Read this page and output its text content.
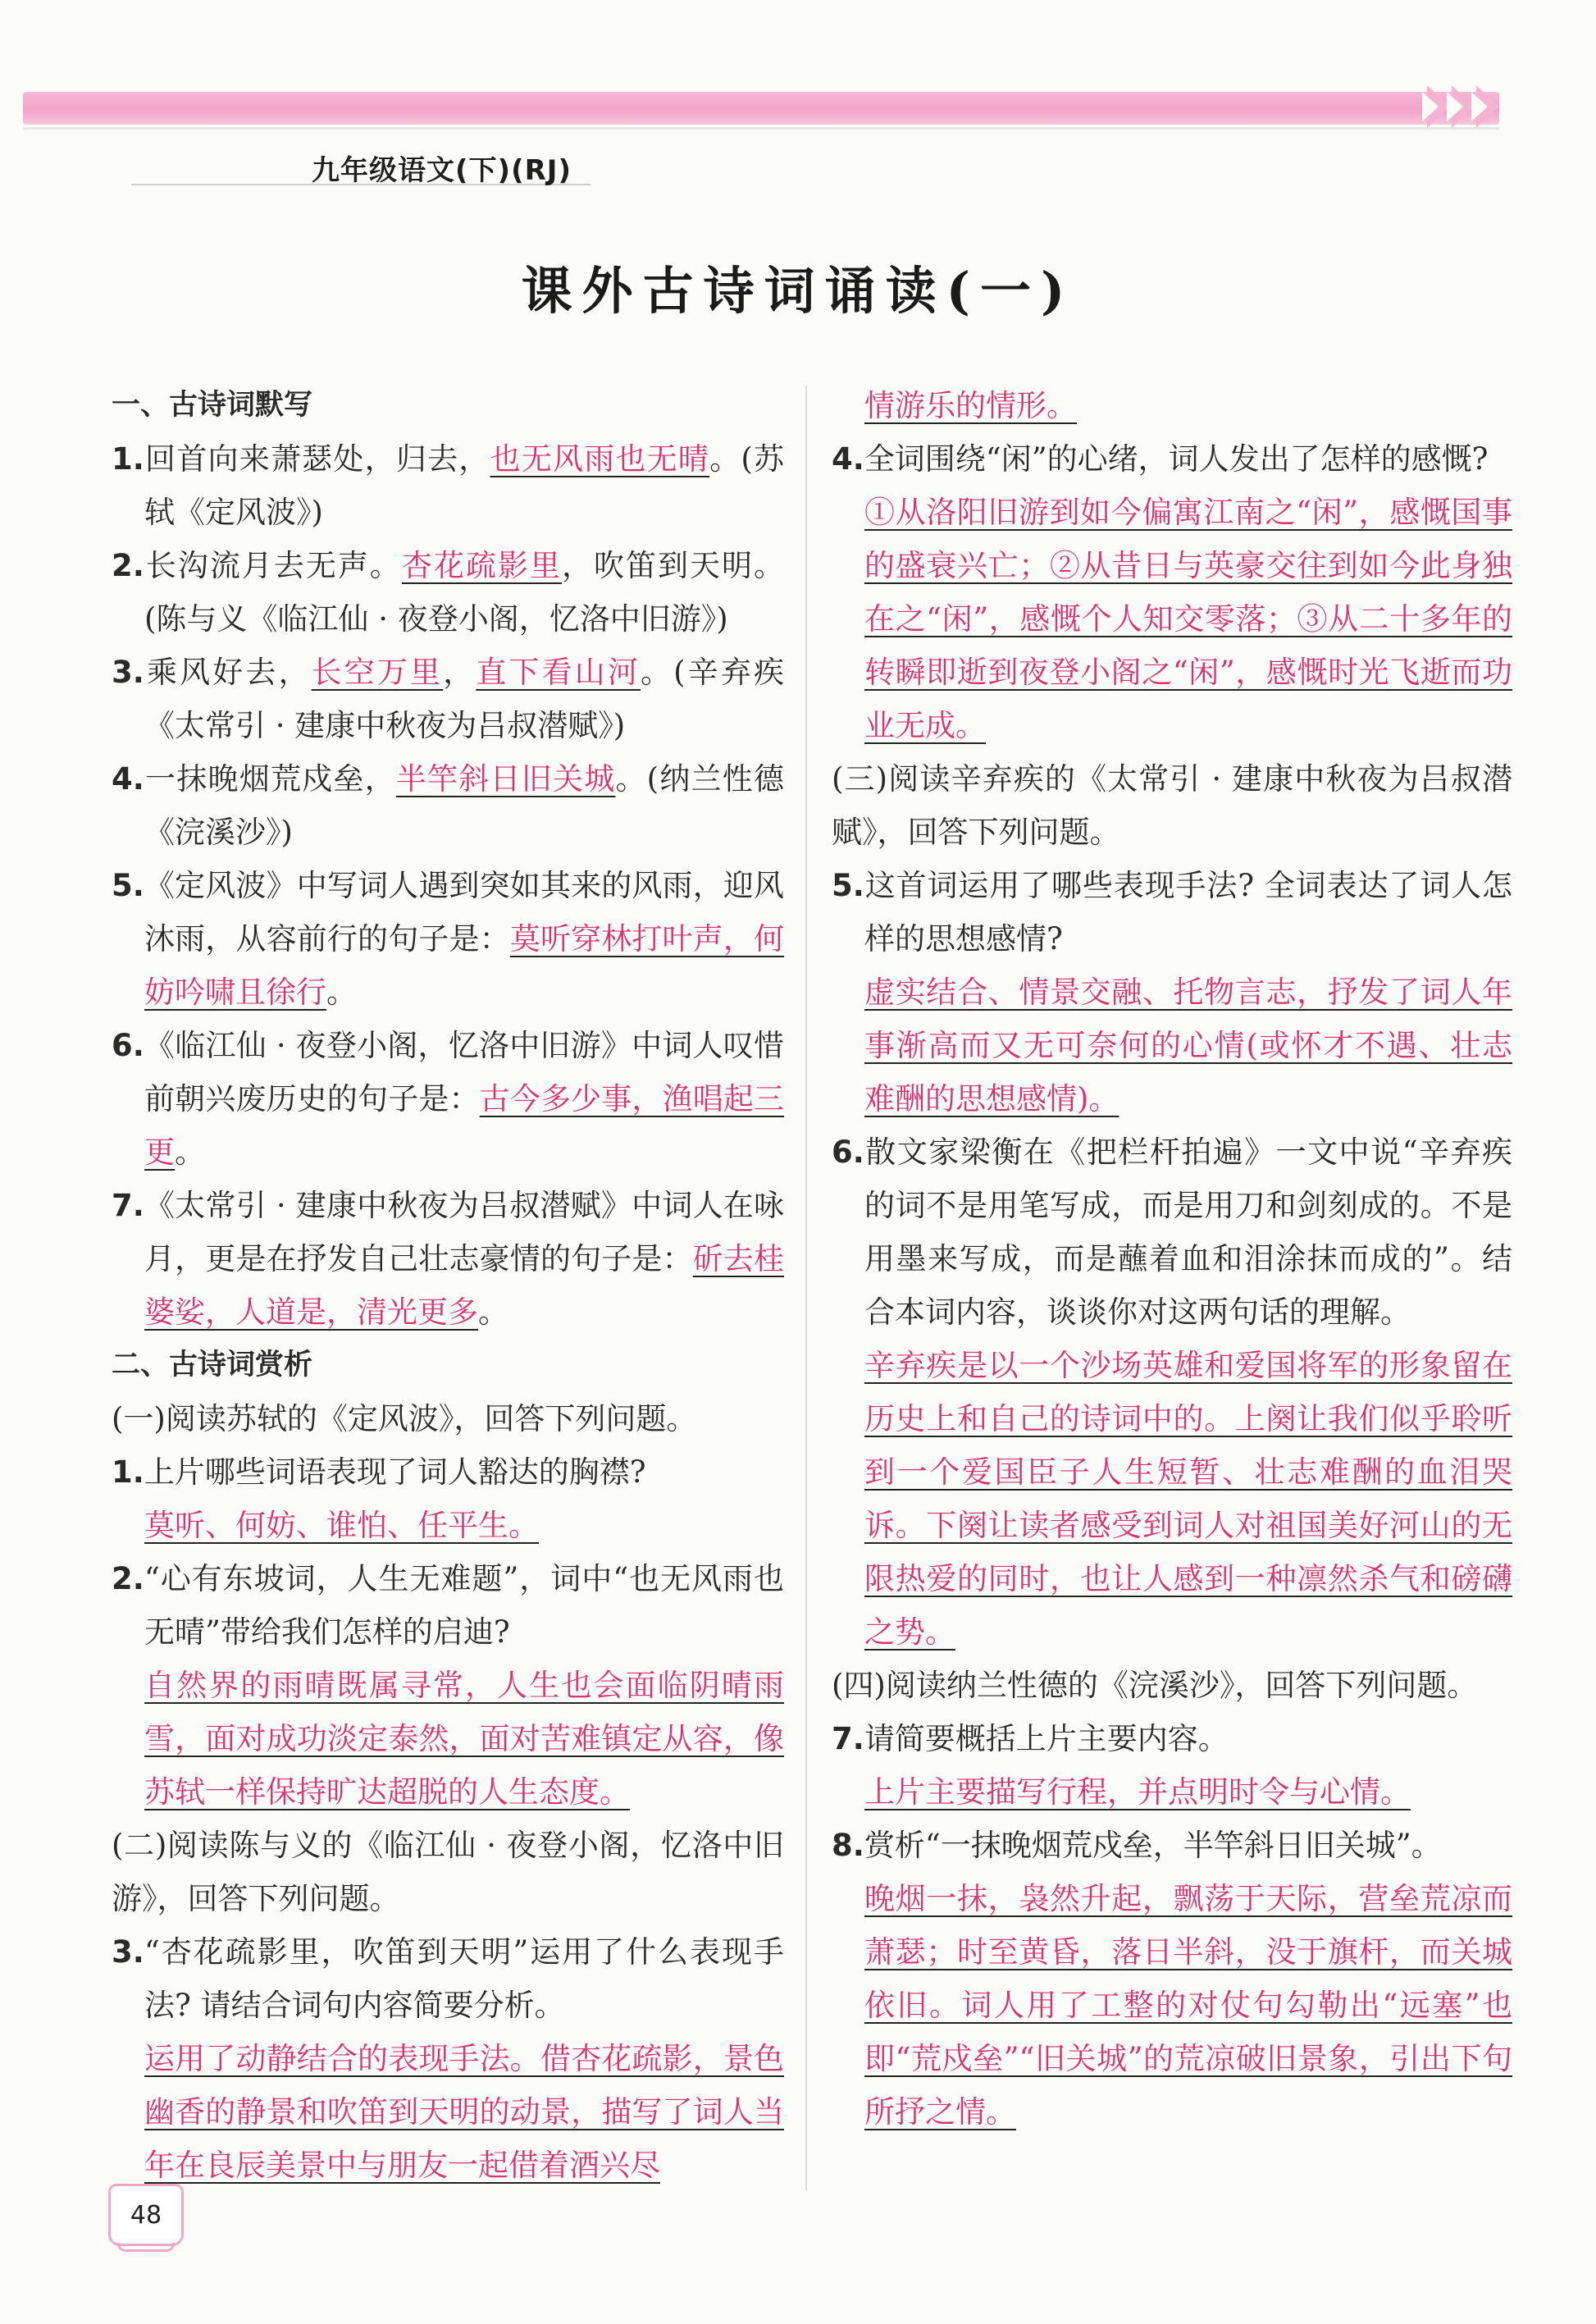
九年级语文(下)(RJ)
课外古诗词诵读(一)
一、古诗词默写
1.回首向来萧瑟处，归去，也无风雨也无晴。(苏轼《定风波》)
2.长沟流月去无声。杏花疏影里，吹笛到天明。(陈与义《临江仙 · 夜登小阁，忆洛中旧游》)
3.乘风好去，长空万里，直下看山河。(辛弃疾《太常引 · 建康中秋夜为吕叔潜赋》)
4.一抹晚烟荒戍垒，半竿斜日旧关城。(纳兰性德《浣溪沙》)
5.《定风波》中写词人遇到突如其来的风雨，迎风沐雨，从容前行的句子是：莫听穿林打叶声，何妨吟啸且徐行。
6.《临江仙 · 夜登小阁，忆洛中旧游》中词人叹惜前朝兴废历史的句子是：古今多少事，渔唱起三更。
7.《太常引 · 建康中秋夜为吕叔潜赋》中词人在咏月，更是在抒发自己壮志豪情的句子是：斫去桂婆娑，人道是，清光更多。
二、古诗词赏析
(一)阅读苏轼的《定风波》，回答下列问题。
1.上片哪些词语表现了词人豁达的胸襟?
莫听、何妨、谁怕、任平生。
2.“心有东坡词，人生无难题”，词中“也无风雨也无晴”带给我们怎样的启迪?
自然界的雨晴既属寻常，人生也会面临阴晴雨雪，面对成功淡定泰然，面对苦难镇定从容，像苏轼一样保持旷达超脱的人生态度。
(二)阅读陈与义的《临江仙 · 夜登小阁，忆洛中旧游》，回答下列问题。
3.“杏花疏影里，吹笛到天明”运用了什么表现手法? 请结合词句内容简要分析。
运用了动静结合的表现手法。借杏花疏影，景色幽香的静景和吹笛到天明的动景，描写了词人当年在良辰美景中与朋友一起借着酒兴尽
情游乐的情形。
4.全词围绕“闲”的心绪，词人发出了怎样的感慨?
①从洛阳旧游到如今偏寓江南之“闲”，感慨国事的盛衰兴亡；②从昔日与英豪交往到如今此身独在之“闲”，感慨个人知交零落；③从二十多年的转瞬即逝到夜登小阁之“闲”，感慨时光飞逝而功业无成。
(三)阅读辛弃疾的《太常引 · 建康中秋夜为吕叔潜赋》，回答下列问题。
5.这首词运用了哪些表现手法? 全词表达了词人怎样的思想感情?
虚实结合、情景交融、托物言志，抒发了词人年事渐高而又无可奈何的心情(或怀才不遇、壮志难酬的思想感情)。
6.散文家梁衡在《把栏杆拍遍》一文中说“辛弃疾的词不是用笔写成，而是用刀和剑刻成的。不是用墨来写成，而是蘸着血和泪涂抹而成的”。结合本词内容，谈谈你对这两句话的理解。
辛弃疾是以一个沙场英雄和爱国将军的形象留在历史上和自己的诗词中的。上阕让我们似乎聆听到一个爱国臣子人生短暂、壮志难酬的血泪哭诉。下阕让读者感受到词人对祖国美好河山的无限热爱的同时，也让人感到一种凛然杀气和磅礴之势。
(四)阅读纳兰性德的《浣溪沙》，回答下列问题。
7.请简要概括上片主要内容。
上片主要描写行程，并点明时令与心情。
8.赏析“一抹晚烟荒戍垒，半竿斜日旧关城”。
晚烟一抹，袅然升起，飘荡于天际，营垒荒凉而萧瑟；时至黄昏，落日半斜，没于旗杆，而关城依旧。词人用了工整的对仗句勾勒出“远塞”也即“荒戍垒”“旧关城”的荒凉破旧景象，引出下句所抒之情。
48
